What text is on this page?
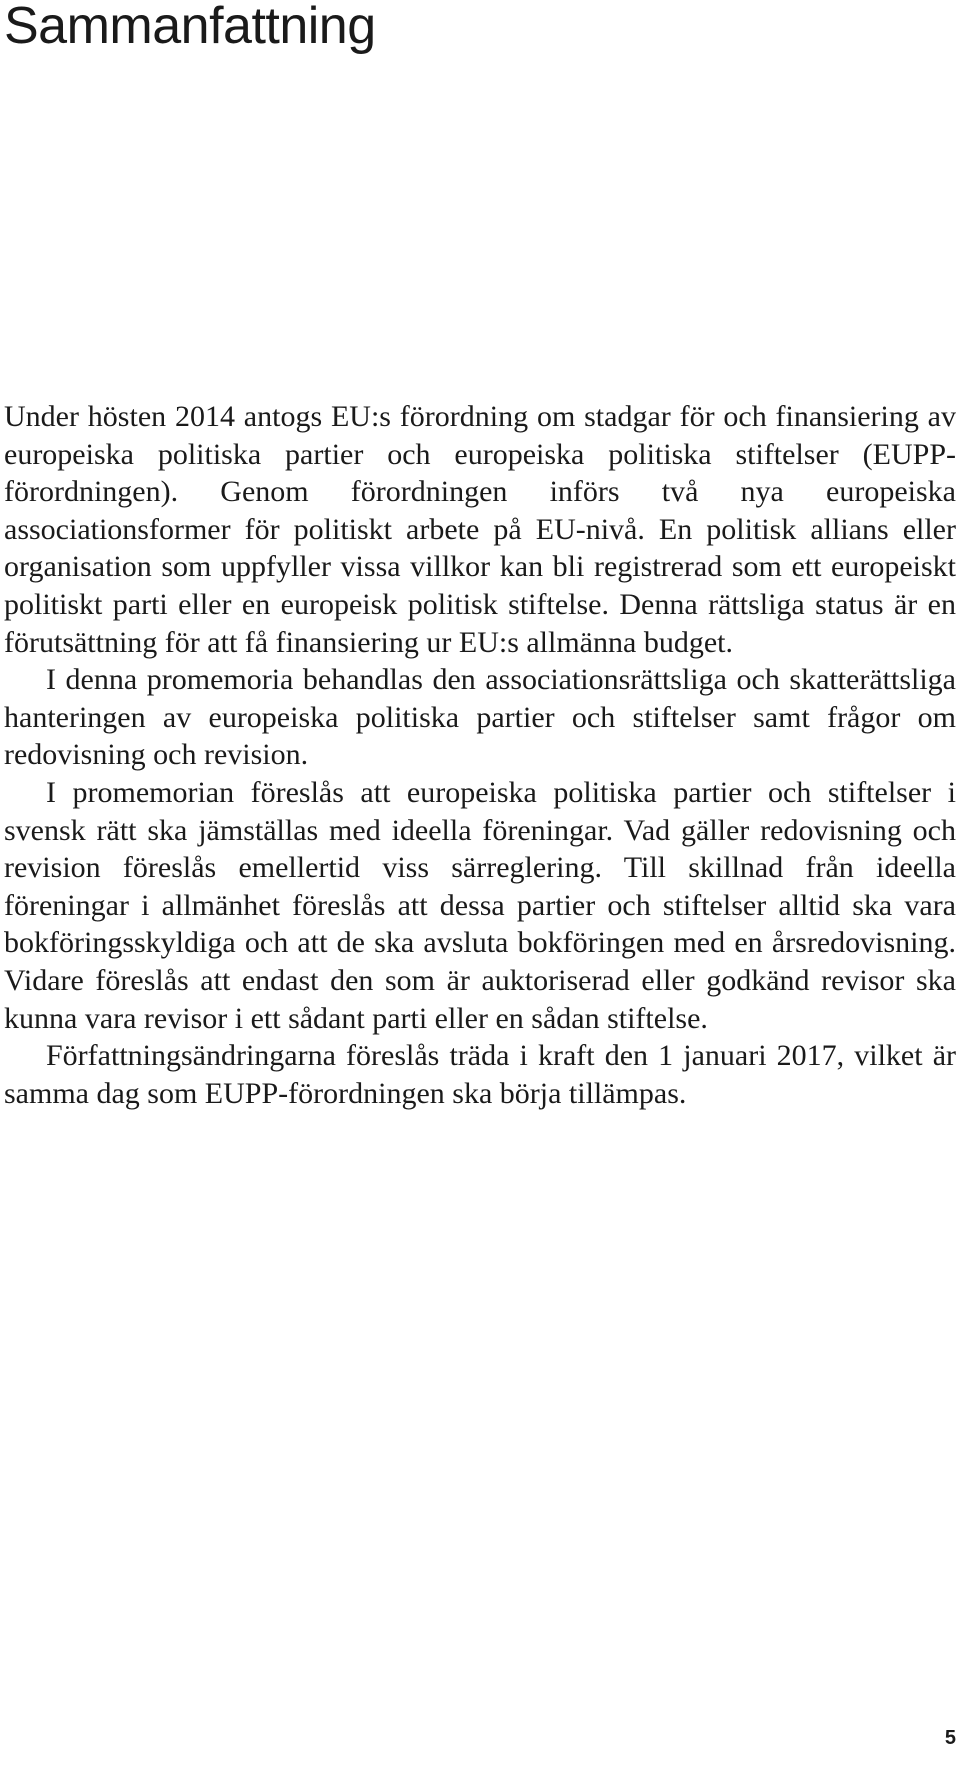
Sammanfattning

Under hösten 2014 antogs EU:s förordning om stadgar för och finansiering av europeiska politiska partier och europeiska politiska stiftelser (EUPP-förordningen). Genom förordningen införs två nya europeiska associationsformer för politiskt arbete på EU-nivå. En politisk allians eller organisation som uppfyller vissa villkor kan bli registrerad som ett europeiskt politiskt parti eller en europeisk politisk stiftelse. Denna rättsliga status är en förutsättning för att få finansiering ur EU:s allmänna budget.

I denna promemoria behandlas den associationsrättsliga och skatterättsliga hanteringen av europeiska politiska partier och stiftelser samt frågor om redovisning och revision.

I promemorian föreslås att europeiska politiska partier och stiftelser i svensk rätt ska jämställas med ideella föreningar. Vad gäller redovisning och revision föreslås emellertid viss särreglering. Till skillnad från ideella föreningar i allmänhet föreslås att dessa partier och stiftelser alltid ska vara bokföringsskyldiga och att de ska avsluta bokföringen med en årsredovisning. Vidare föreslås att endast den som är auktoriserad eller godkänd revisor ska kunna vara revisor i ett sådant parti eller en sådan stiftelse.

Författningsändringarna föreslås träda i kraft den 1 januari 2017, vilket är samma dag som EUPP-förordningen ska börja tillämpas.

5
